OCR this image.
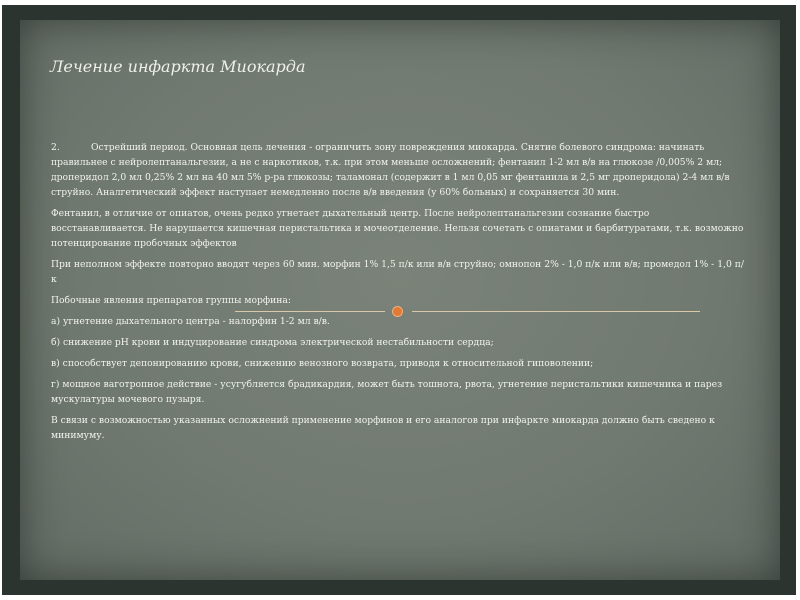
Лечение инфаркта Миокарда

2.	Острейший период. Основная цель лечения - ограничить зону повреждения миокарда. Снятие болевого синдрома: начинать правильнее с нейролептанальгезии, а не с наркотиков, т.к. при этом меньше осложнений; фентанил 1-2 мл в/в на глюкозе /0,005% 2 мл; дроперидол 2,0 мл 0,25% 2 мл на 40 мл 5% р-ра глюкозы; таламонал (содержит в 1 мл 0,05 мг фентанила и 2,5 мг дроперидола) 2-4 мл в/в струйно. Аналгетический эффект наступает немедленно после в/в введения (у 60% больных) и сохраняется 30 мин.

Фентанил, в отличие от опиатов, очень редко угнетает дыхательный центр. После нейролептанальгезии сознание быстро восстанавливается. Не нарушается кишечная перистальтика и мочеотделение. Нельзя сочетать с опиатами и барбитуратами, т.к. возможно потенцирование пробочных эффектов

При неполном эффекте повторно вводят через 60 мин. морфин 1% 1,5 п/к или в/в струйно; омнопон 2% - 1,0 п/к или в/в; промедол 1% - 1,0 п/к

Побочные явления препаратов группы морфина:

а) угнетение дыхательного центра - налорфин 1-2 мл в/в.

б) снижение рН крови и индуцирование синдрома электрической нестабильности сердца;

в) способствует депонированию крови, снижению венозного возврата, приводя к относительной гиповолении;

г) мощное ваготропное действие - усугубляется брадикардия, может быть тошнота, рвота, угнетение перистальтики кишечника и парез мускулатуры мочевого пузыря.

В связи с возможностью указанных осложнений применение морфинов и его аналогов при инфаркте миокарда должно быть сведено к минимуму.
